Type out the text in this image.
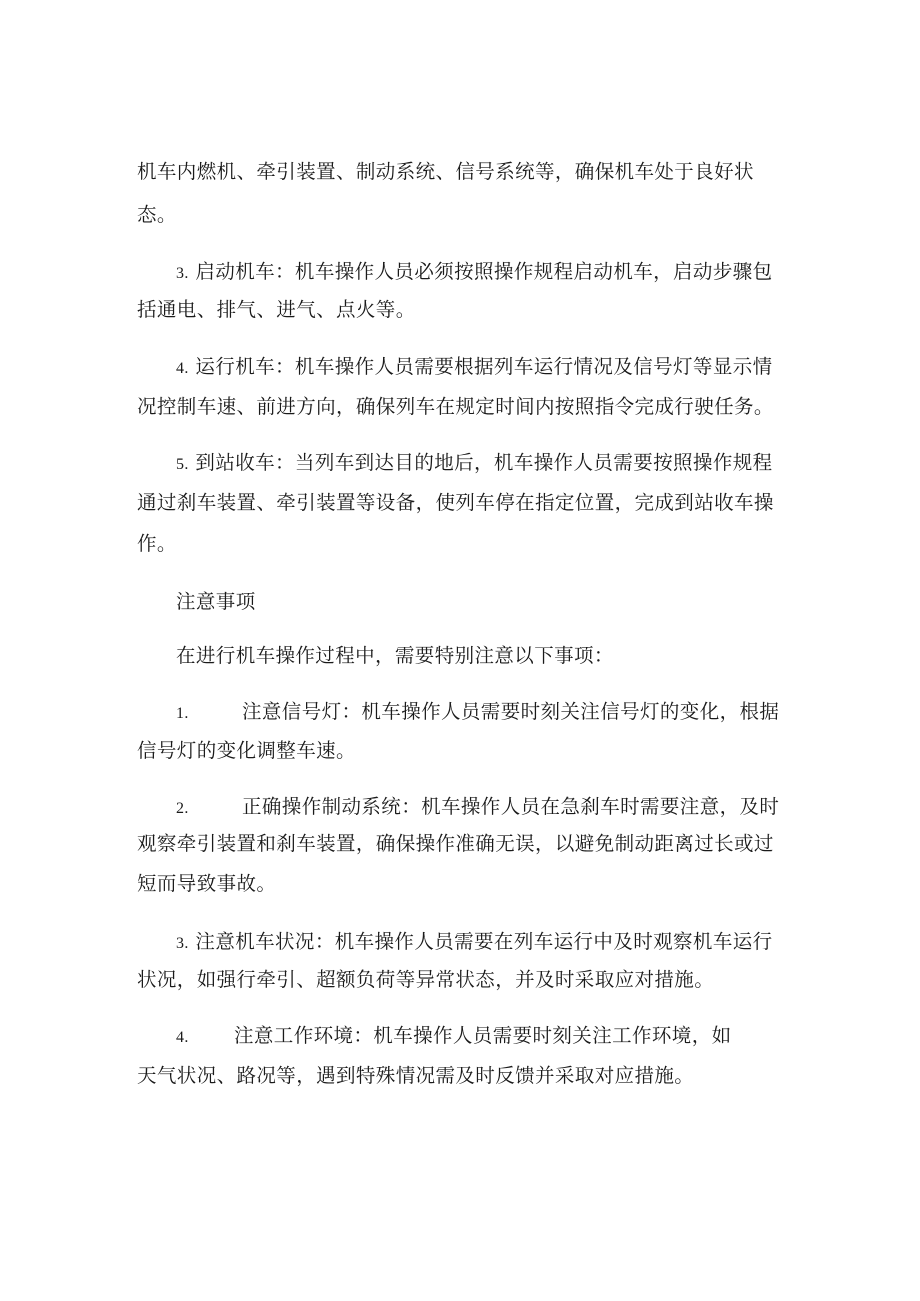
机车内燃机、牵引装置、制动系统、信号系统等，确保机车处于良好状
态。
3. 启动机车：机车操作人员必须按照操作规程启动机车，启动步骤包
括通电、排气、进气、点火等。
4. 运行机车：机车操作人员需要根据列车运行情况及信号灯等显示情
况控制车速、前进方向，确保列车在规定时间内按照指令完成行驶任务。
5. 到站收车：当列车到达目的地后，机车操作人员需要按照操作规程
通过刹车装置、牵引装置等设备，使列车停在指定位置，完成到站收车操
作。
注意事项
在进行机车操作过程中，需要特别注意以下事项：
1.	注意信号灯：机车操作人员需要时刻关注信号灯的变化，根据
信号灯的变化调整车速。
2.	正确操作制动系统：机车操作人员在急刹车时需要注意，及时
观察牵引装置和刹车装置，确保操作准确无误，以避免制动距离过长或过
短而导致事故。
3. 注意机车状况：机车操作人员需要在列车运行中及时观察机车运行
状况，如强行牵引、超额负荷等异常状态，并及时采取应对措施。
4. 注意工作环境：机车操作人员需要时刻关注工作环境，如
天气状况、路况等，遇到特殊情况需及时反馈并采取对应措施。
